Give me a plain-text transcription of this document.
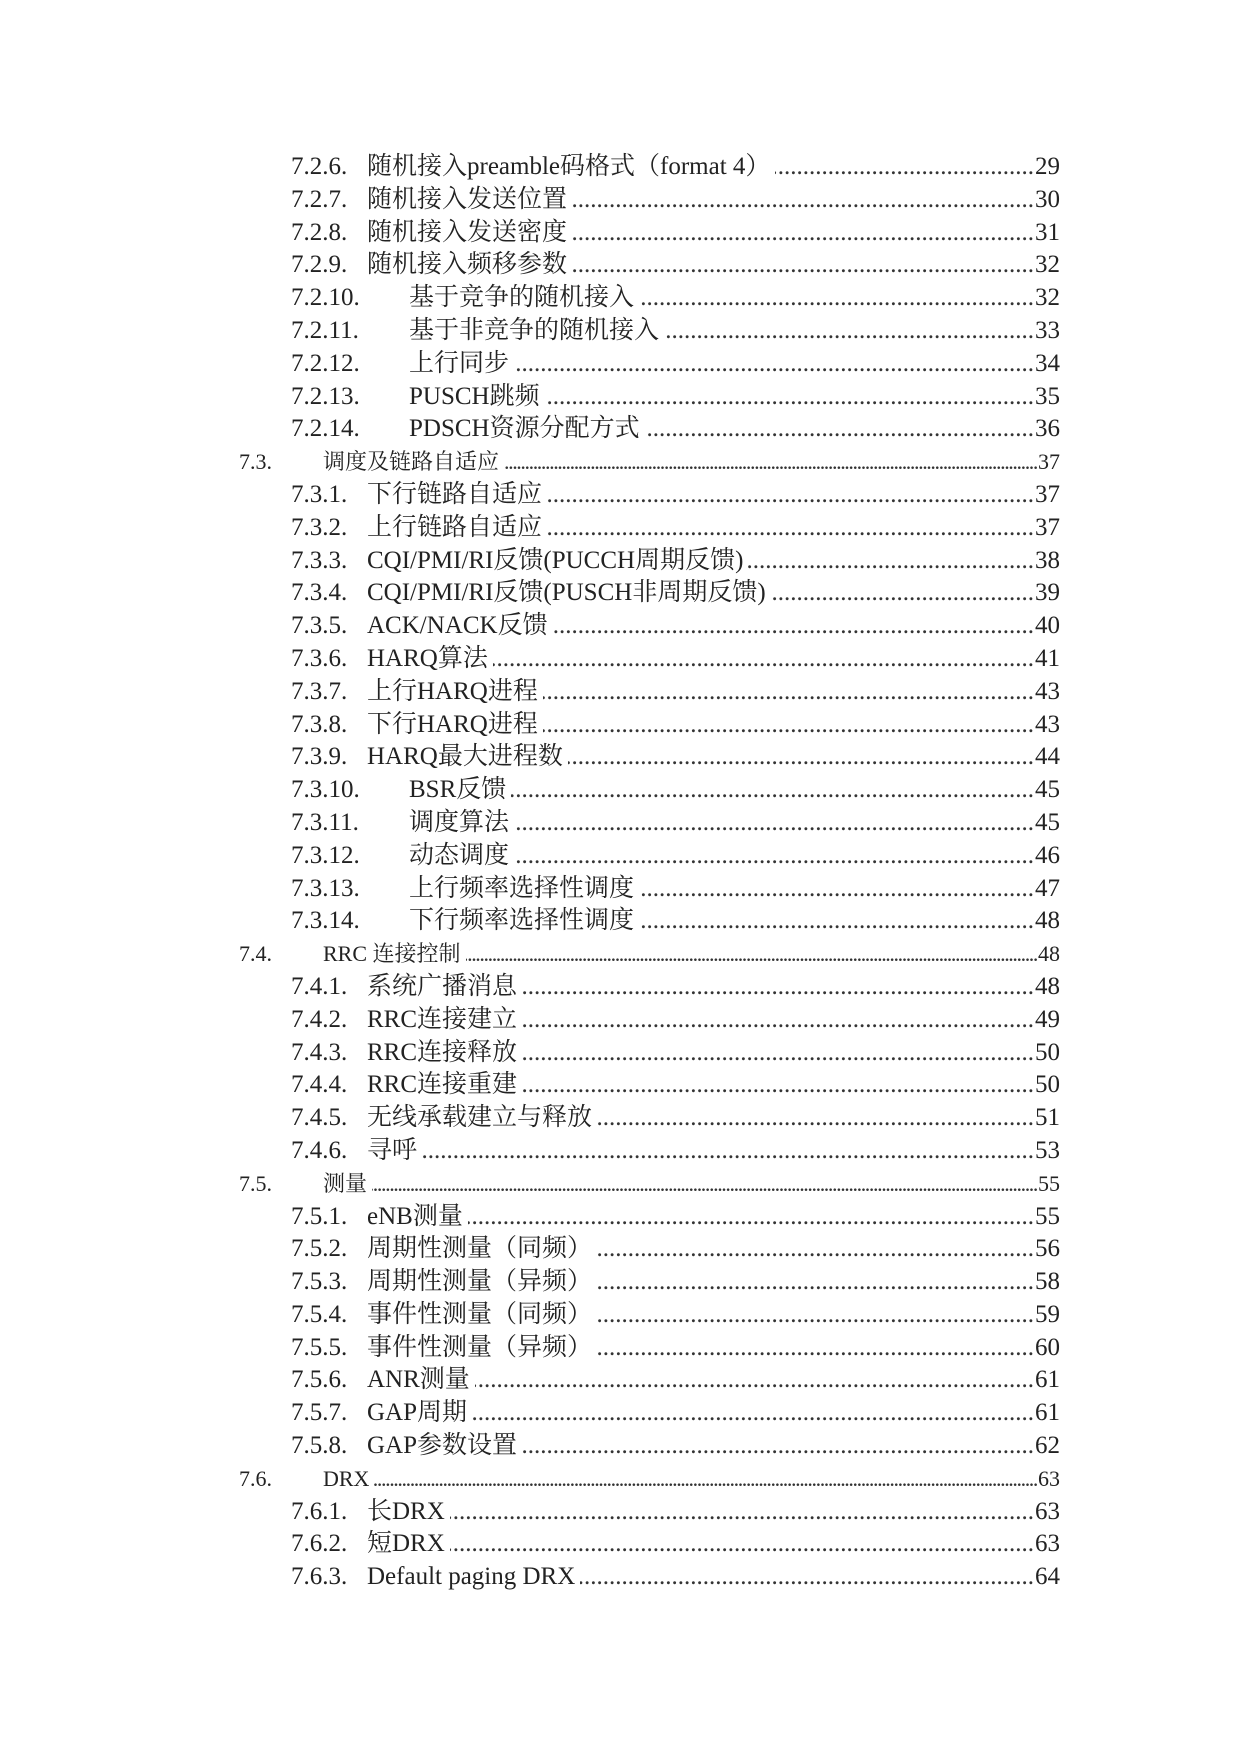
7.2.6. 随机接入preamble码格式（format 4） .....	29
7.2.7. 随机接入发送位置 .....	30
7.2.8. 随机接入发送密度 .....	31
7.2.9. 随机接入频移参数 .....	32
7.2.10.	基于竞争的随机接入 .....	32
7.2.11.	基于非竞争的随机接入 .....	33
7.2.12.	上行同步 .....	34
7.2.13.	PUSCH跳频 .....	35
7.2.14.	PDSCH资源分配方式 .....	36
7.3.	调度及链路自适应 .....	37
7.3.1. 下行链路自适应 .....	37
7.3.2. 上行链路自适应 .....	37
7.3.3. CQI/PMI/RI反馈(PUCCH周期反馈) .....	38
7.3.4. CQI/PMI/RI反馈(PUSCH非周期反馈) .....	39
7.3.5. ACK/NACK反馈 .....	40
7.3.6. HARQ算法 .....	41
7.3.7. 上行HARQ进程 .....	43
7.3.8. 下行HARQ进程 .....	43
7.3.9. HARQ最大进程数 .....	44
7.3.10.	BSR反馈 .....	45
7.3.11.	调度算法 .....	45
7.3.12.	动态调度 .....	46
7.3.13.	上行频率选择性调度 .....	47
7.3.14.	下行频率选择性调度 .....	48
7.4.	RRC 连接控制 .....	48
7.4.1. 系统广播消息 .....	48
7.4.2. RRC连接建立 .....	49
7.4.3. RRC连接释放 .....	50
7.4.4. RRC连接重建 .....	50
7.4.5. 无线承载建立与释放 .....	51
7.4.6. 寻呼 .....	53
7.5.	测量 .....	55
7.5.1. eNB测量 .....	55
7.5.2. 周期性测量（同频） .....	56
7.5.3. 周期性测量（异频） .....	58
7.5.4. 事件性测量（同频） .....	59
7.5.5. 事件性测量（异频） .....	60
7.5.6. ANR测量 .....	61
7.5.7. GAP周期 .....	61
7.5.8. GAP参数设置 .....	62
7.6.	DRX .....	63
7.6.1. 长DRX .....	63
7.6.2. 短DRX .....	63
7.6.3. Default paging DRX .....	64
